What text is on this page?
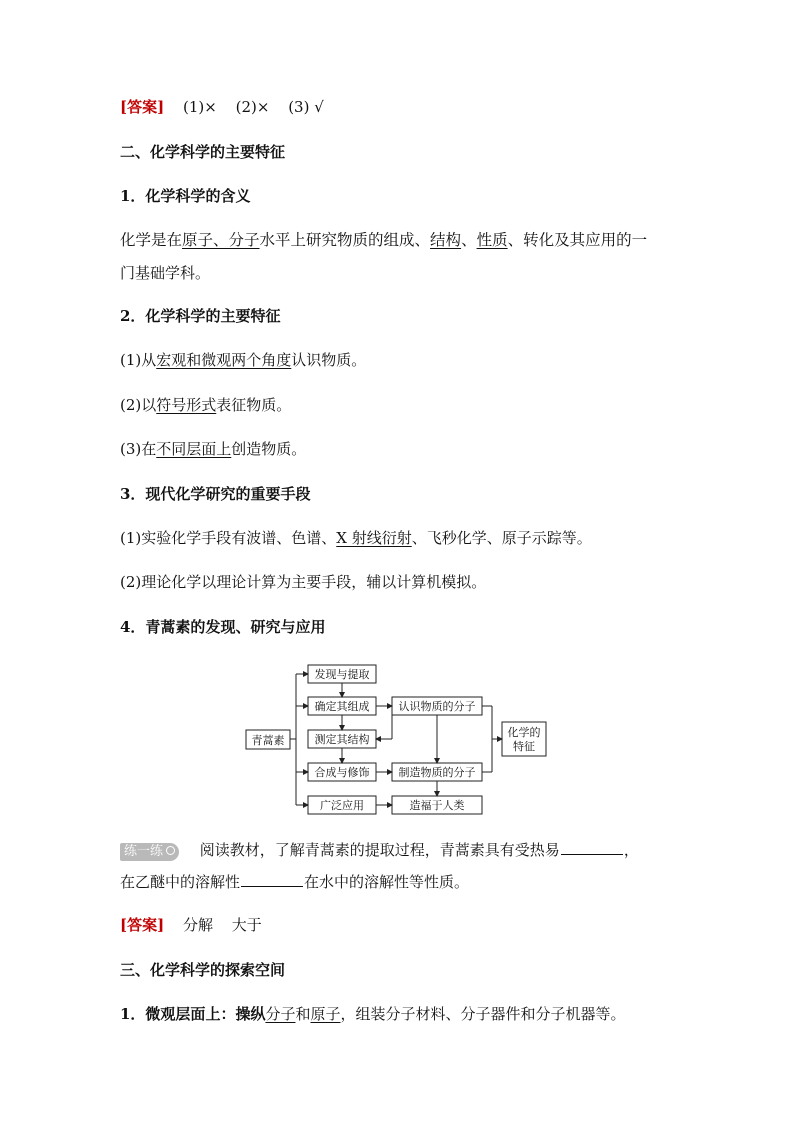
[答案] (1)× (2)× (3) √
二、化学科学的主要特征
1．化学科学的含义
化学是在原子、分子水平上研究物质的组成、结构、性质、转化及其应用的一
门基础学科。
2．化学科学的主要特征
(1)从宏观和微观两个角度认识物质。
(2)以符号形式表征物质。
(3)在不同层面上创造物质。
3．现代化学研究的重要手段
(1)实验化学手段有波谱、色谱、X 射线衍射、飞秒化学、原子示踪等。
(2)理论化学以理论计算为主要手段，辅以计算机模拟。
4．青蒿素的发现、研究与应用
青蒿素
发现与提取
确定其组成
测定其结构
合成与修饰
广泛应用
认识物质的分子
制造物质的分子
造福于人类
化学的
特征
练一练 阅读教材，了解青蒿素的提取过程，青蒿素具有受热易	，
在乙醚中的溶解性	在水中的溶解性等性质。
[答案] 分解 大于
三、化学科学的探索空间
1．微观层面上：操纵分子和原子，组装分子材料、分子器件和分子机器等。
